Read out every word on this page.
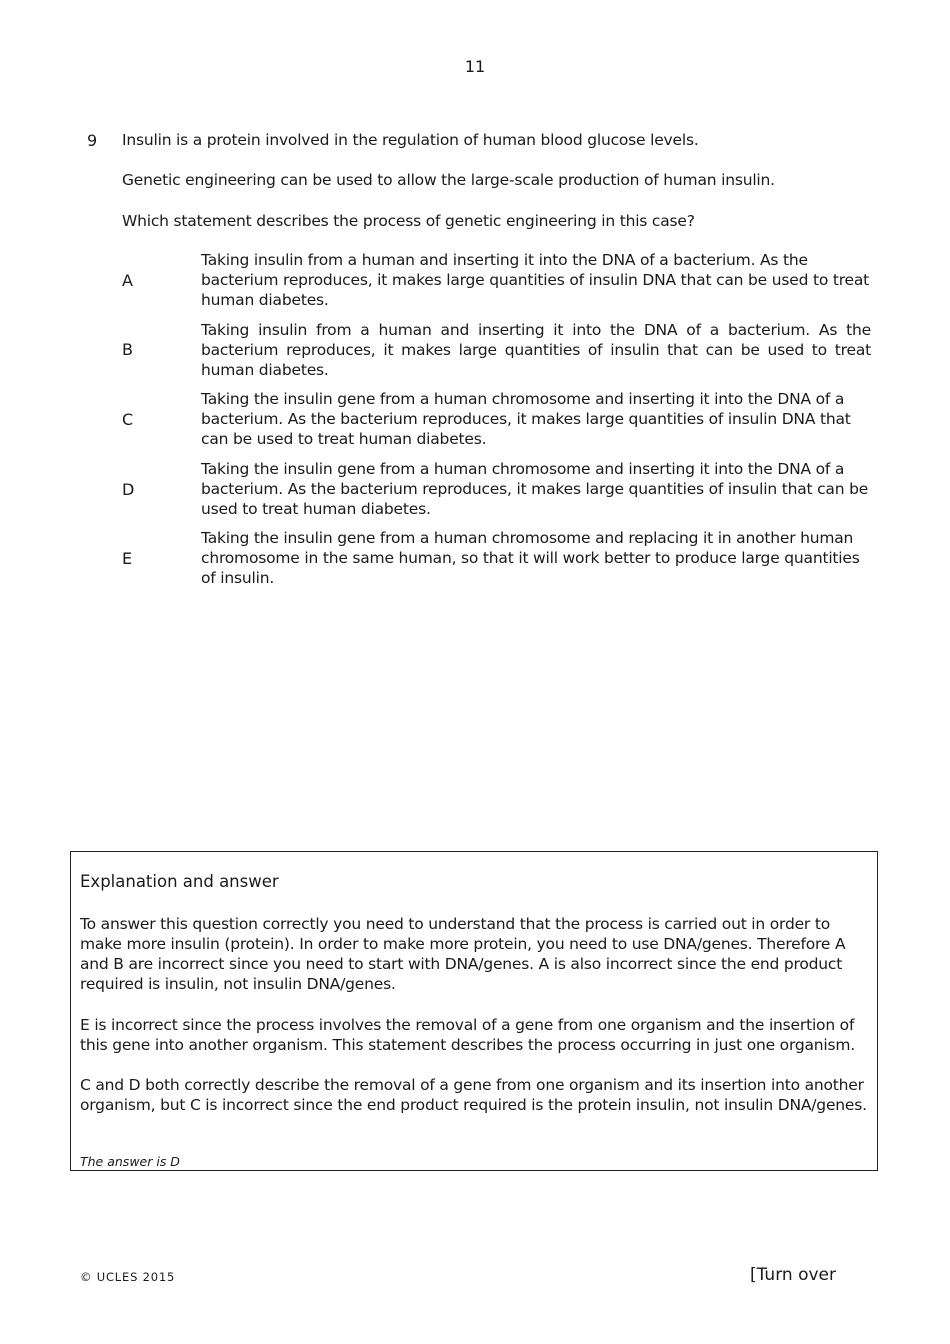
11
9 Insulin is a protein involved in the regulation of human blood glucose levels.
Genetic engineering can be used to allow the large-scale production of human insulin.
Which statement describes the process of genetic engineering in this case?
A
Taking insulin from a human and inserting it into the DNA of a bacterium. As the bacterium reproduces, it makes large quantities of insulin DNA that can be used to treat human diabetes.
B
Taking insulin from a human and inserting it into the DNA of a bacterium. As the bacterium reproduces, it makes large quantities of insulin that can be used to treat human diabetes.
C
Taking the insulin gene from a human chromosome and inserting it into the DNA of a bacterium. As the bacterium reproduces, it makes large quantities of insulin DNA that can be used to treat human diabetes.
D
Taking the insulin gene from a human chromosome and inserting it into the DNA of a bacterium. As the bacterium reproduces, it makes large quantities of insulin that can be used to treat human diabetes.
E
Taking the insulin gene from a human chromosome and replacing it in another human chromosome in the same human, so that it will work better to produce large quantities of insulin.
Explanation and answer
To answer this question correctly you need to understand that the process is carried out in order to make more insulin (protein). In order to make more protein, you need to use DNA/genes. Therefore A and B are incorrect since you need to start with DNA/genes. A is also incorrect since the end product required is insulin, not insulin DNA/genes.
E is incorrect since the process involves the removal of a gene from one organism and the insertion of this gene into another organism. This statement describes the process occurring in just one organism.
C and D both correctly describe the removal of a gene from one organism and its insertion into another organism, but C is incorrect since the end product required is the protein insulin, not insulin DNA/genes.
The answer is D
© UCLES 2015	[Turn over
